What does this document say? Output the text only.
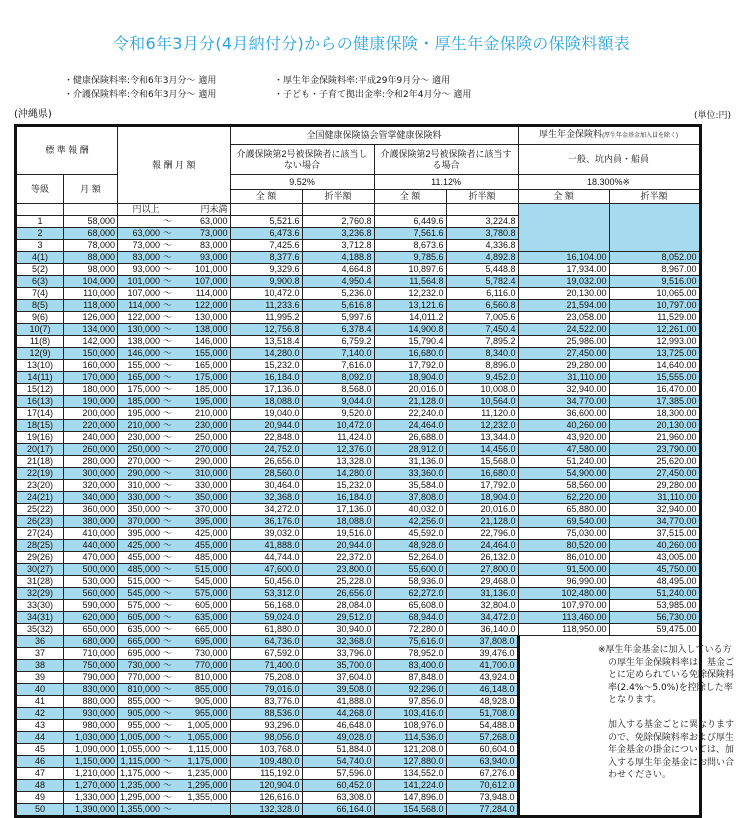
令和6年3月分(4月納付分)からの健康保険・厚生年金保険の保険料額表
・健康保険料率:令和6年3月分～ 適用
・介護保険料率:令和6年3月分～ 適用
・厚生年金保険料率:平成29年9月分～ 適用
・子ども・子育て拠出金率:令和2年4月分～ 適用
(沖縄県)	(単位:円)
標 準 報 酬		報 酬 月 額		全国健康保険協会管掌健康保険料				厚生年金保険料(厚生年金基金加入員を除く)	
				介護保険第2号被保険者に該当しない場合		介護保険第2号被保険者に該当する場合		一般、坑内員・船員	
等級	月 額			9.52%		11.12%		18.300%※	
				全 額	折半額	全 額	折半額	全 額	折半額
		円以上	円未満						
1	58,000	～	63,000	5,521.6	2,760.8	6,449.6	3,224.8		
2	68,000	63,000 ～	73,000	6,473.6	3,236.8	7,561.6	3,780.8		
3	78,000	73,000 ～	83,000	7,425.6	3,712.8	8,673.6	4,336.8		
4(1)	88,000	83,000 ～	93,000	8,377.6	4,188.8	9,785.6	4,892.8	16,104.00	8,052.00
5(2)	98,000	93,000 ～	101,000	9,329.6	4,664.8	10,897.6	5,448.8	17,934.00	8,967.00
6(3)	104,000	101,000 ～	107,000	9,900.8	4,950.4	11,564.8	5,782.4	19,032.00	9,516.00
7(4)	110,000	107,000 ～	114,000	10,472.0	5,236.0	12,232.0	6,116.0	20,130.00	10,065.00
8(5)	118,000	114,000 ～	122,000	11,233.6	5,616.8	13,121.6	6,560.8	21,594.00	10,797.00
9(6)	126,000	122,000 ～	130,000	11,995.2	5,997.6	14,011.2	7,005.6	23,058.00	11,529.00
10(7)	134,000	130,000 ～	138,000	12,756.8	6,378.4	14,900.8	7,450.4	24,522.00	12,261.00
11(8)	142,000	138,000 ～	146,000	13,518.4	6,759.2	15,790.4	7,895.2	25,986.00	12,993.00
12(9)	150,000	146,000 ～	155,000	14,280.0	7,140.0	16,680.0	8,340.0	27,450.00	13,725.00
13(10)	160,000	155,000 ～	165,000	15,232.0	7,616.0	17,792.0	8,896.0	29,280.00	14,640.00
14(11)	170,000	165,000 ～	175,000	16,184.0	8,092.0	18,904.0	9,452.0	31,110.00	15,555.00
15(12)	180,000	175,000 ～	185,000	17,136.0	8,568.0	20,016.0	10,008.0	32,940.00	16,470.00
16(13)	190,000	185,000 ～	195,000	18,088.0	9,044.0	21,128.0	10,564.0	34,770.00	17,385.00
17(14)	200,000	195,000 ～	210,000	19,040.0	9,520.0	22,240.0	11,120.0	36,600.00	18,300.00
18(15)	220,000	210,000 ～	230,000	20,944.0	10,472.0	24,464.0	12,232.0	40,260.00	20,130.00
19(16)	240,000	230,000 ～	250,000	22,848.0	11,424.0	26,688.0	13,344.0	43,920.00	21,960.00
20(17)	260,000	250,000 ～	270,000	24,752.0	12,376.0	28,912.0	14,456.0	47,580.00	23,790.00
21(18)	280,000	270,000 ～	290,000	26,656.0	13,328.0	31,136.0	15,568.0	51,240.00	25,620.00
22(19)	300,000	290,000 ～	310,000	28,560.0	14,280.0	33,360.0	16,680.0	54,900.00	27,450.00
23(20)	320,000	310,000 ～	330,000	30,464.0	15,232.0	35,584.0	17,792.0	58,560.00	29,280.00
24(21)	340,000	330,000 ～	350,000	32,368.0	16,184.0	37,808.0	18,904.0	62,220.00	31,110.00
25(22)	360,000	350,000 ～	370,000	34,272.0	17,136.0	40,032.0	20,016.0	65,880.00	32,940.00
26(23)	380,000	370,000 ～	395,000	36,176.0	18,088.0	42,256.0	21,128.0	69,540.00	34,770.00
27(24)	410,000	395,000 ～	425,000	39,032.0	19,516.0	45,592.0	22,796.0	75,030.00	37,515.00
28(25)	440,000	425,000 ～	455,000	41,888.0	20,944.0	48,928.0	24,464.0	80,520.00	40,260.00
29(26)	470,000	455,000 ～	485,000	44,744.0	22,372.0	52,264.0	26,132.0	86,010.00	43,005.00
30(27)	500,000	485,000 ～	515,000	47,600.0	23,800.0	55,600.0	27,800.0	91,500.00	45,750.00
31(28)	530,000	515,000 ～	545,000	50,456.0	25,228.0	58,936.0	29,468.0	96,990.00	48,495.00
32(29)	560,000	545,000 ～	575,000	53,312.0	26,656.0	62,272.0	31,136.0	102,480.00	51,240.00
33(30)	590,000	575,000 ～	605,000	56,168.0	28,084.0	65,608.0	32,804.0	107,970.00	53,985.00
34(31)	620,000	605,000 ～	635,000	59,024.0	29,512.0	68,944.0	34,472.0	113,460.00	56,730.00
35(32)	650,000	635,000 ～	665,000	61,880.0	30,940.0	72,280.0	36,140.0	118,950.00	59,475.00
36	680,000	665,000 ～	695,000	64,736.0	32,368.0	75,616.0	37,808.0		
37	710,000	695,000 ～	730,000	67,592.0	33,796.0	78,952.0	39,476.0		
38	750,000	730,000 ～	770,000	71,400.0	35,700.0	83,400.0	41,700.0		
39	790,000	770,000 ～	810,000	75,208.0	37,604.0	87,848.0	43,924.0		
40	830,000	810,000 ～	855,000	79,016.0	39,508.0	92,296.0	46,148.0		
41	880,000	855,000 ～	905,000	83,776.0	41,888.0	97,856.0	48,928.0		
42	930,000	905,000 ～	955,000	88,536.0	44,268.0	103,416.0	51,708.0		
43	980,000	955,000 ～	1,005,000	93,296.0	46,648.0	108,976.0	54,488.0		
44	1,030,000	1,005,000 ～	1,055,000	98,056.0	49,028.0	114,536.0	57,268.0		
45	1,090,000	1,055,000 ～	1,115,000	103,768.0	51,884.0	121,208.0	60,604.0		
46	1,150,000	1,115,000 ～	1,175,000	109,480.0	54,740.0	127,880.0	63,940.0		
47	1,210,000	1,175,000 ～	1,235,000	115,192.0	57,596.0	134,552.0	67,276.0		
48	1,270,000	1,235,000 ～	1,295,000	120,904.0	60,452.0	141,224.0	70,612.0		
49	1,330,000	1,295,000 ～	1,355,000	126,616.0	63,308.0	147,896.0	73,948.0		
50	1,390,000	1,355,000 ～		132,328.0	66,164.0	154,568.0	77,284.0		

※厚生年金基金に加入している方の厚生年金保険料率は、基金ごとに定められている免除保険料率(2.4%～5.0%)を控除した率となります。

加入する基金ごとに異なりますので、免除保険料率および厚生年金基金の掛金については、加入する厚生年金基金にお問い合わせください。
